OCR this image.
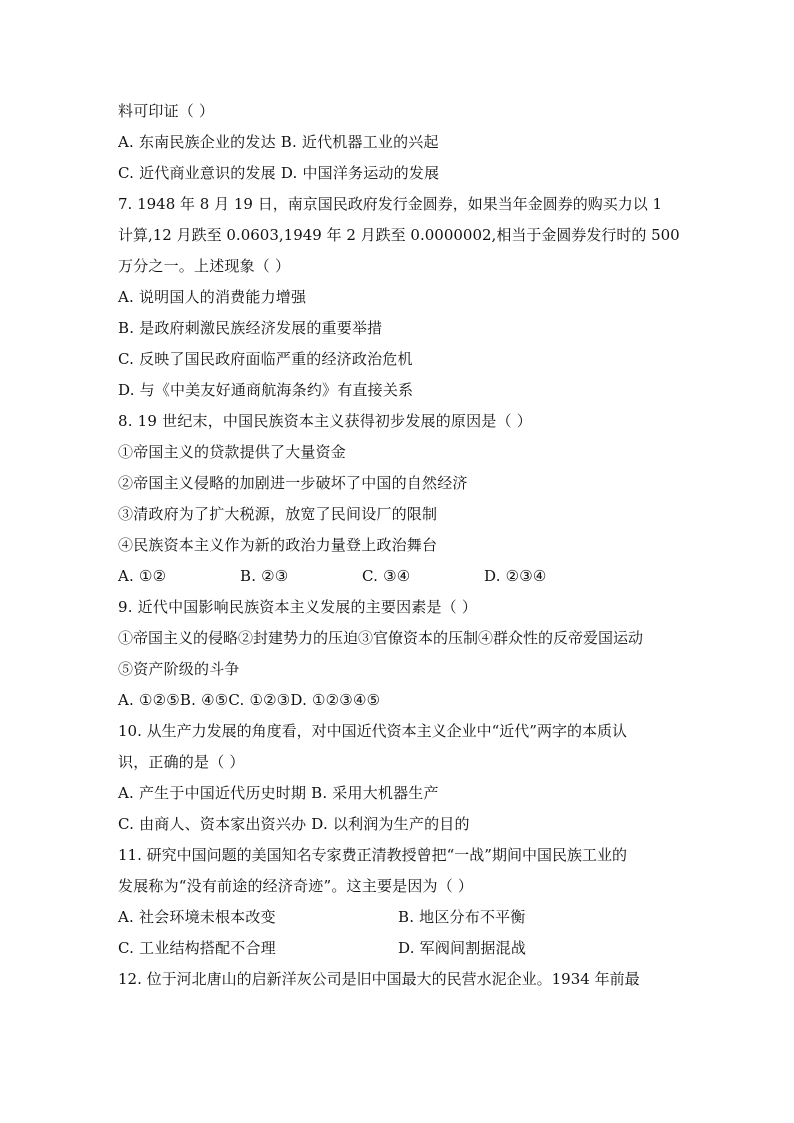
料可印证（ ）
A. 东南民族企业的发达 B. 近代机器工业的兴起
C. 近代商业意识的发展 D. 中国洋务运动的发展
7. 1948 年 8 月 19 日，南京国民政府发行金圆券，如果当年金圆券的购买力以 1
计算,12 月跌至 0.0603,1949 年 2 月跌至 0.0000002,相当于金圆券发行时的 500
万分之一。上述现象（ ）
A. 说明国人的消费能力增强
B. 是政府刺激民族经济发展的重要举措
C. 反映了国民政府面临严重的经济政治危机
D. 与《中美友好通商航海条约》有直接关系
8. 19 世纪末，中国民族资本主义获得初步发展的原因是（ ）
①帝国主义的贷款提供了大量资金
②帝国主义侵略的加剧进一步破坏了中国的自然经济
③清政府为了扩大税源，放宽了民间设厂的限制
④民族资本主义作为新的政治力量登上政治舞台
A. ①②	B. ②③	C. ③④	D. ②③④
9. 近代中国影响民族资本主义发展的主要因素是（ ）
①帝国主义的侵略②封建势力的压迫③官僚资本的压制④群众性的反帝爱国运动
⑤资产阶级的斗争
A. ①②⑤B. ④⑤C. ①②③D. ①②③④⑤
10. 从生产力发展的角度看，对中国近代资本主义企业中“近代”两字的本质认
识，正确的是（ ）
A. 产生于中国近代历史时期 B. 采用大机器生产
C. 由商人、资本家出资兴办 D. 以利润为生产的目的
11. 研究中国问题的美国知名专家费正清教授曾把“一战”期间中国民族工业的
发展称为“没有前途的经济奇迹”。这主要是因为（ ）
A. 社会环境未根本改变	B. 地区分布不平衡
C. 工业结构搭配不合理	D. 军阀间割据混战
12. 位于河北唐山的启新洋灰公司是旧中国最大的民营水泥企业。1934 年前最
